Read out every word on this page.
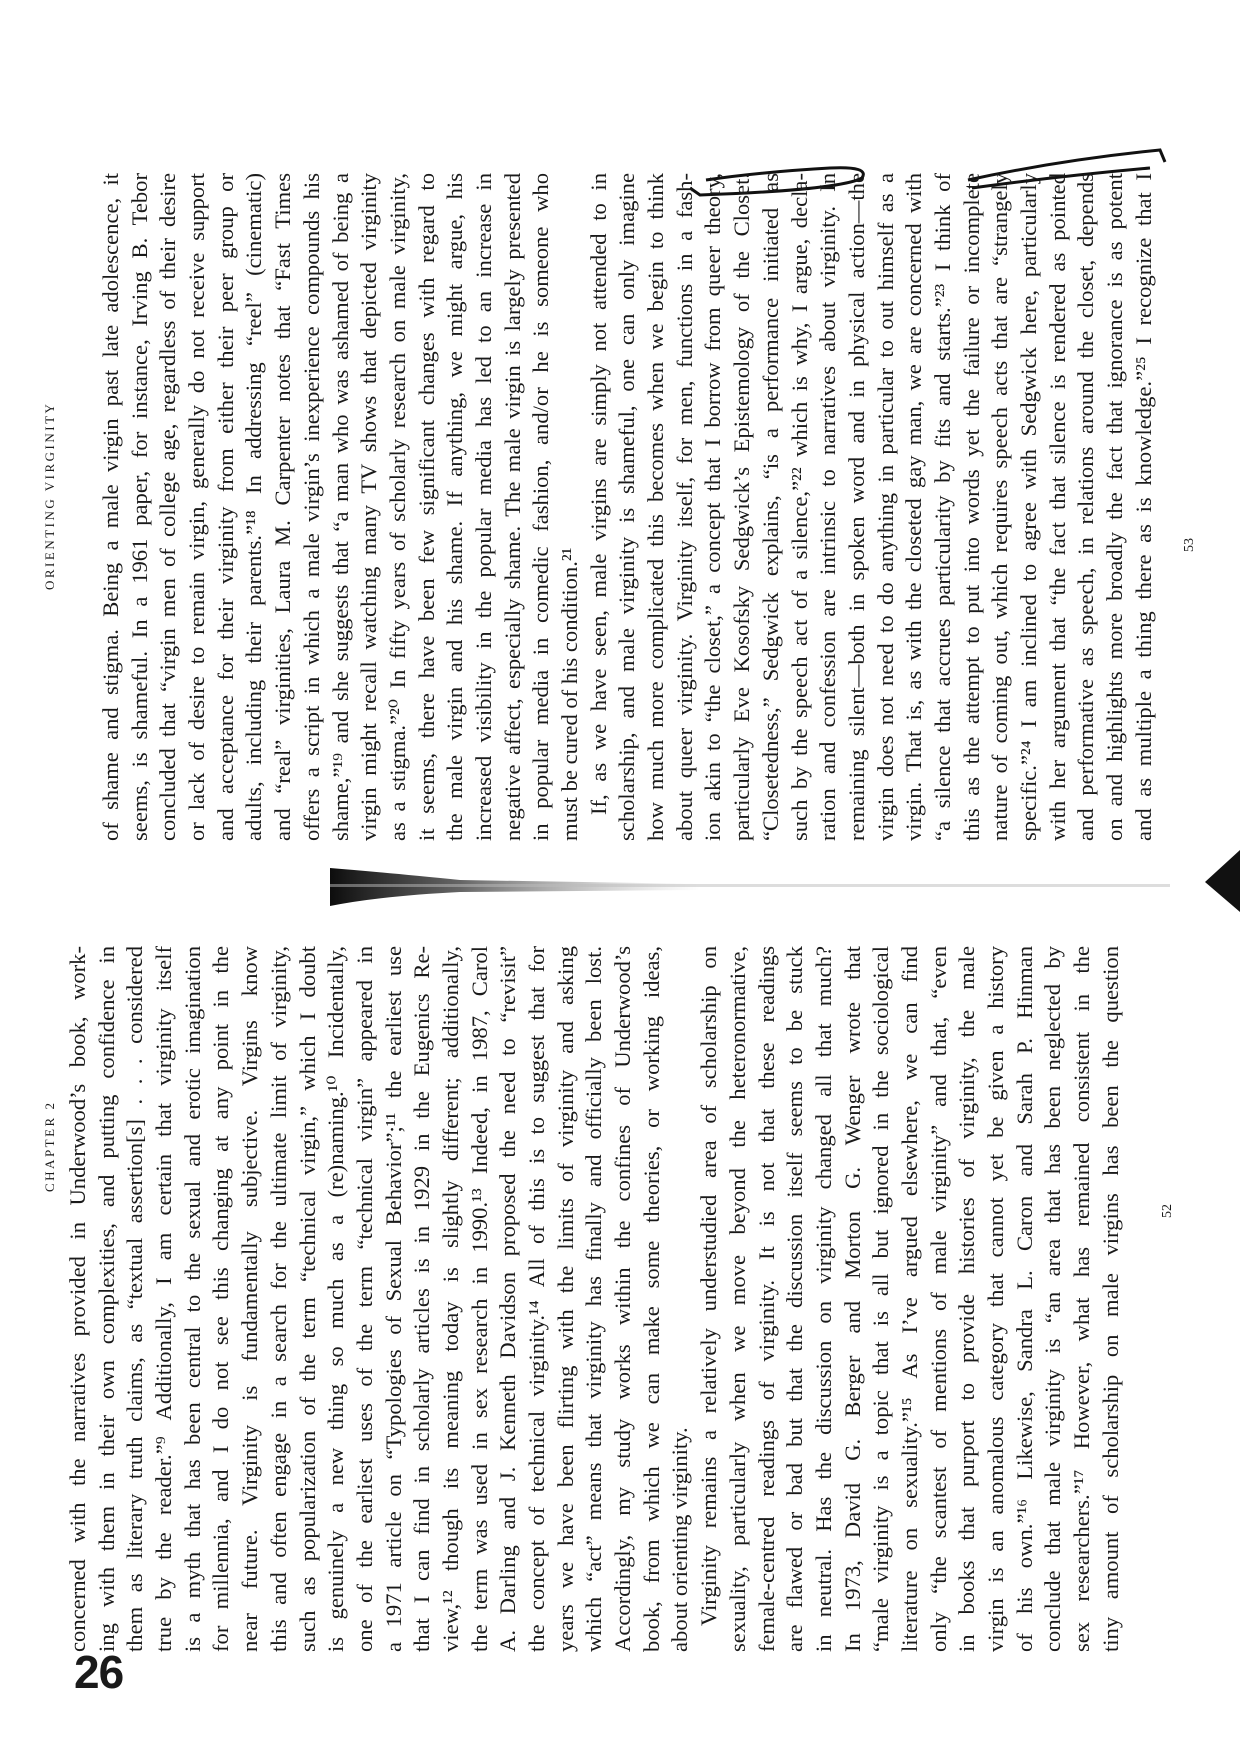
CHAPTER 2
52
concerned with the narratives provided in Underwood’s book, work- ing with them in their own complexities, and putting confidence in them as literary truth claims, as “textual assertion[s] . . . considered true by the reader.”⁹ Additionally, I am certain that virginity itself is a myth that has been central to the sexual and erotic imagination for millennia, and I do not see this changing at any point in the near future. Virginity is fundamentally subjective. Virgins know this and often engage in a search for the ultimate limit of virginity, such as popularization of the term “technical virgin,” which I doubt is genuinely a new thing so much as a (re)naming.¹⁰ Incidentally, one of the earliest uses of the term “technical virgin” appeared in a 1971 article on “Typologies of Sexual Behavior”;¹¹ the earliest use that I can find in scholarly articles is in 1929 in the Eugenics Re- view,¹² though its meaning today is slightly different; additionally, the term was used in sex research in 1990.¹³ Indeed, in 1987, Carol A. Darling and J. Kenneth Davidson proposed the need to “revisit” the concept of technical virginity.¹⁴ All of this is to suggest that for years we have been flirting with the limits of virginity and asking which “act” means that virginity has finally and officially been lost. Accordingly, my study works within the confines of Underwood’s book, from which we can make some theories, or working ideas, about orienting virginity. Virginity remains a relatively understudied area of scholarship on sexuality, particularly when we move beyond the heteronormative, female-centred readings of virginity. It is not that these readings are flawed or bad but that the discussion itself seems to be stuck in neutral. Has the discussion on virginity changed all that much? In 1973, David G. Berger and Morton G. Wenger wrote that “male virginity is a topic that is all but ignored in the sociological literature on sexuality.”¹⁵ As I’ve argued elsewhere, we can find only “the scantest of mentions of male virginity” and that, “even in books that purport to provide histories of virginity, the male virgin is an anomalous category that cannot yet be given a history of his own.”¹⁶ Likewise, Sandra L. Caron and Sarah P. Hinman conclude that male virginity is “an area that has been neglected by sex researchers.”¹⁷ However, what has remained consistent in the tiny amount of scholarship on male virgins has been the question
ORIENTING VIRGINITY	53
of shame and stigma. Being a male virgin past late adolescence, it seems, is shameful. In a 1961 paper, for instance, Irving B. Tebor concluded that “virgin men of college age, regardless of their desire or lack of desire to remain virgin, generally do not receive support and acceptance for their virginity from either their peer group or adults, including their parents.”¹⁸ In addressing “reel” (cinematic) and “real” virginities, Laura M. Carpenter notes that “Fast Times offers a script in which a male virgin’s inexperience compounds his shame,”¹⁹ and she suggests that “a man who was ashamed of being a virgin might recall watching many TV shows that depicted virginity as a stigma.”²⁰ In fifty years of scholarly research on male virginity, it seems, there have been few significant changes with regard to the male virgin and his shame. If anything, we might argue, his increased visibility in the popular media has led to an increase in negative affect, especially shame. The male virgin is largely presented in popular media in comedic fashion, and/or he is someone who must be cured of his condition.²¹ If, as we have seen, male virgins are simply not attended to in scholarship, and male virginity is shameful, one can only imagine how much more complicated this becomes when we begin to think about queer virginity. Virginity itself, for men, functions in a fash- ion akin to “the closet,” a concept that I borrow from queer theory, particularly Eve Kosofsky Sedgwick’s Epistemology of the Closet. “Closetedness,” Sedgwick explains, “is a performance initiated as such by the speech act of a silence,”²² which is why, I argue, decla- ration and confession are intrinsic to narratives about virginity. In remaining silent—both in spoken word and in physical action—the virgin does not need to do anything in particular to out himself as a virgin. That is, as with the closeted gay man, we are concerned with “a silence that accrues particularity by fits and starts.”²³ I think of this as the attempt to put into words yet the failure or incomplete nature of coming out, which requires speech acts that are “strangely specific.”²⁴ I am inclined to agree with Sedgwick here, particularly with her argument that “the fact that silence is rendered as pointed and performative as speech, in relations around the closet, depends on and highlights more broadly the fact that ignorance is as potent and as multiple a thing there as is knowledge.”²⁵ I recognize that I
26
